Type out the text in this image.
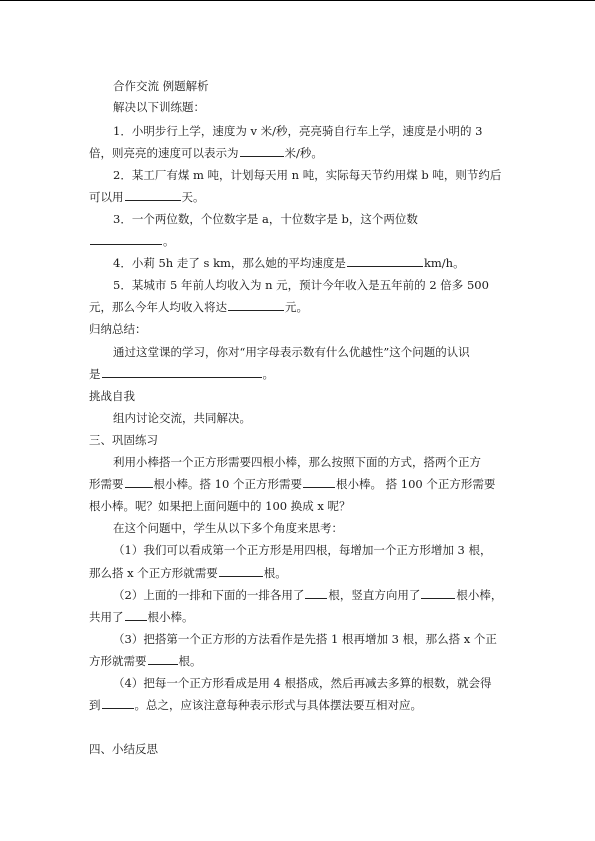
合作交流 例题解析
解决以下训练题：
1．小明步行上学，速度为 v 米/秒，亮亮骑自行车上学，速度是小明的 3
倍，则亮亮的速度可以表示为	米/秒。
2．某工厂有煤 m 吨，计划每天用 n 吨，实际每天节约用煤 b 吨，则节约后
可以用	天。
3．一个两位数，个位数字是 a，十位数字是 b，这个两位数
。
4．小莉 5h 走了 s km，那么她的平均速度是	km/h。
5．某城市 5 年前人均收入为 n 元，预计今年收入是五年前的 2 倍多 500
元，那么今年人均收入将达	元。
归纳总结：
通过这堂课的学习，你对“用字母表示数有什么优越性”这个问题的认识
是	。
挑战自我
组内讨论交流，共同解决。
三、巩固练习
利用小棒搭一个正方形需要四根小棒，那么按照下面的方式，搭两个正方
形需要	根小棒。搭 10 个正方形需要	根小棒。 搭 100 个正方形需要
根小棒。呢？如果把上面问题中的 100 换成 x 呢？
在这个问题中，学生从以下多个角度来思考：
（1）我们可以看成第一个正方形是用四根，每增加一个正方形增加 3 根，
那么搭 x 个正方形就需要	根。
（2）上面的一排和下面的一排各用了 根，竖直方向用了	根小棒，
共用了 根小棒。
（3）把搭第一个正方形的方法看作是先搭 1 根再增加 3 根，那么搭 x 个正
方形就需要	根。
（4）把每一个正方形看成是用 4 根搭成，然后再减去多算的根数，就会得
到	。总之，应该注意每种表示形式与具体摆法要互相对应。
四、小结反思
